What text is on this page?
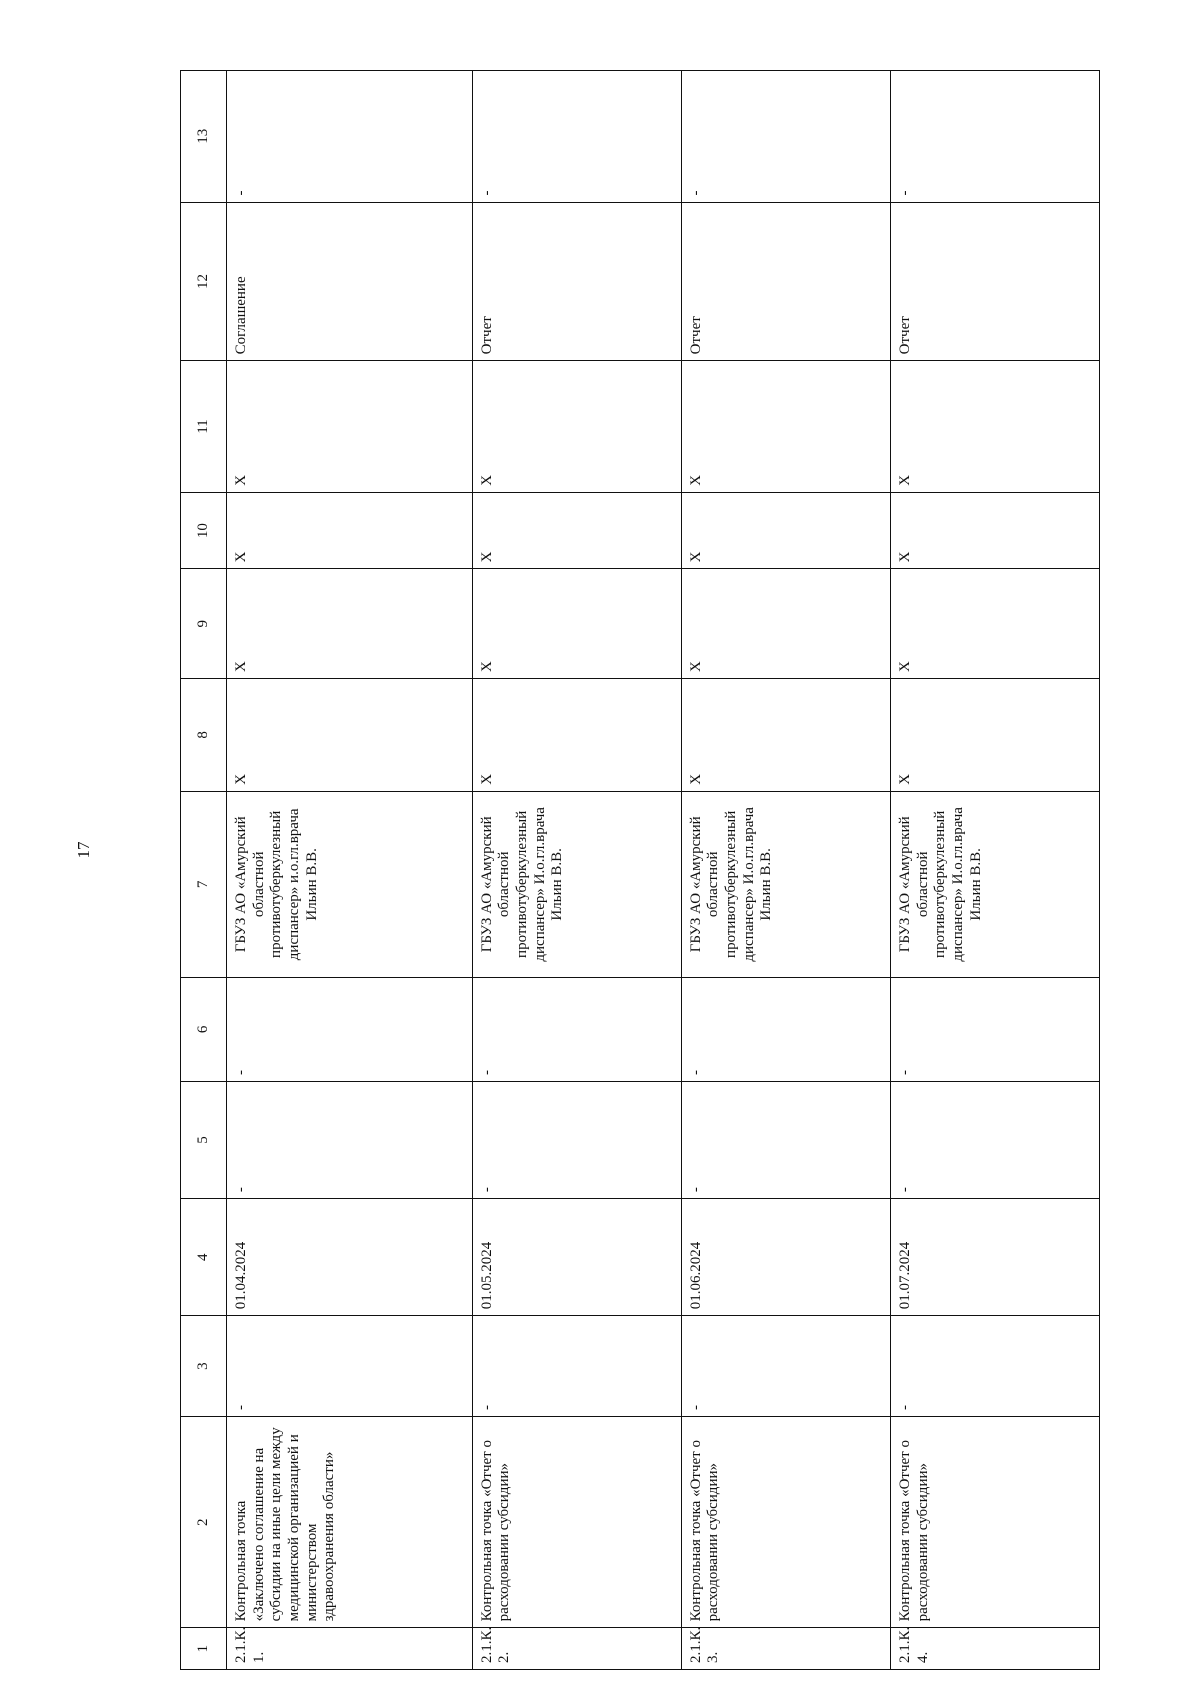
17
1	2	3	4	5	6	7	8	9	10	11	12	13
2.1.К.
1.	Контрольная точка «Заключено соглашение на субсидии на иные цели между медицинской организацией и министерством здравоохранения области»	-	01.04.2024	-	-	ГБУЗ АО «Амурский областной противотуберкулезный диспансер» и.о.гл.врача Ильин В.В.	X	X	X	X	Соглашение	-
2.1.К.
2.	Контрольная точка «Отчет о расходовании субсидии»	-	01.05.2024	-	-	ГБУЗ АО «Амурский областной противотуберкулезный диспансер» И.о.гл.врача Ильин В.В.	X	X	X	X	Отчет	-
2.1.К.
3.	Контрольная точка «Отчет о расходовании субсидии»	-	01.06.2024	-	-	ГБУЗ АО «Амурский областной противотуберкулезный диспансер» И.о.гл.врача Ильин В.В.	X	X	X	X	Отчет	-
2.1.К.
4.	Контрольная точка «Отчет о расходовании субсидии»	-	01.07.2024	-	-	ГБУЗ АО «Амурский областной противотуберкулезный диспансер» И.о.гл.врача Ильин В.В.	X	X	X	X	Отчет	-
